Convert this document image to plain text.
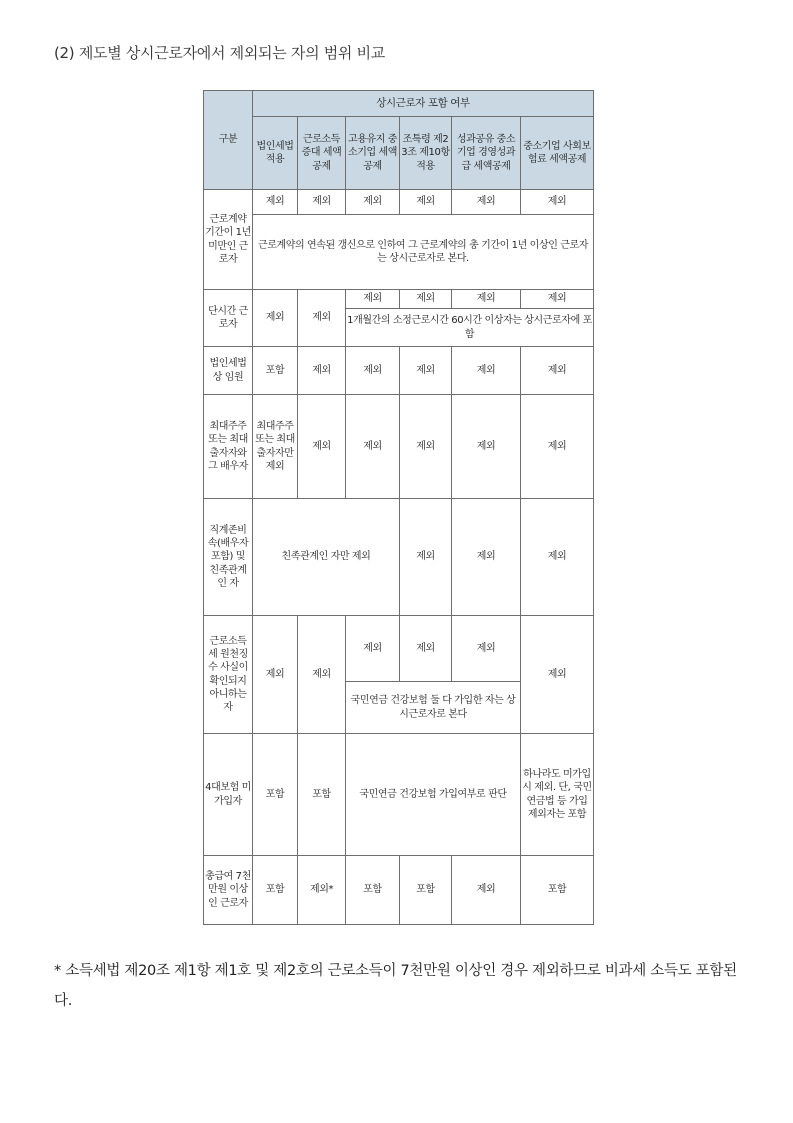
(2) 제도별 상시근로자에서 제외되는 자의 범위 비교
구분	상시근로자 포함 여부					
	법인세법 적용	근로소득 증대 세액공제	고용유지 중소기업 세액공제	조특령 제23조 제10항 적용	성과공유 중소기업 경영성과급 세액공제	중소기업 사회보험료 세액공제
근로계약기간이 1년 미만인 근로자	제외	제외	제외	제외	제외	제외
	근로계약의 연속된 갱신으로 인하여 그 근로계약의 총 기간이 1년 이상인 근로자는 상시근로자로 본다.					
단시간 근로자	제외	제외	제외	제외	제외	제외
			1개월간의 소정근로시간 60시간 이상자는 상시근로자에 포함			
법인세법상 임원	포함	제외	제외	제외	제외	제외
최대주주 또는 최대출자자와 그 배우자	최대주주 또는 최대출자자만 제외	제외	제외	제외	제외	제외
직계존비속(배우자 포함) 및 친족관계인 자	친족관계인 자만 제외			제외	제외	제외
근로소득세 원천징수 사실이 확인되지 아니하는 자	제외	제외	제외	제외	제외	제외
			국민연금 건강보험 둘 다 가입한 자는 상시근로자로 본다			
4대보험 미가입자	포함	포함	국민연금 건강보험 가입여부로 판단			하나라도 미가입시 제외. 단, 국민연금법 등 가입제외자는 포함
총급여 7천만원 이상인 근로자	포함	제외*	포함	포함	제외	포함

* 소득세법 제20조 제1항 제1호 및 제2호의 근로소득이 7천만원 이상인 경우 제외하므로 비과세 소득도 포함된다.
